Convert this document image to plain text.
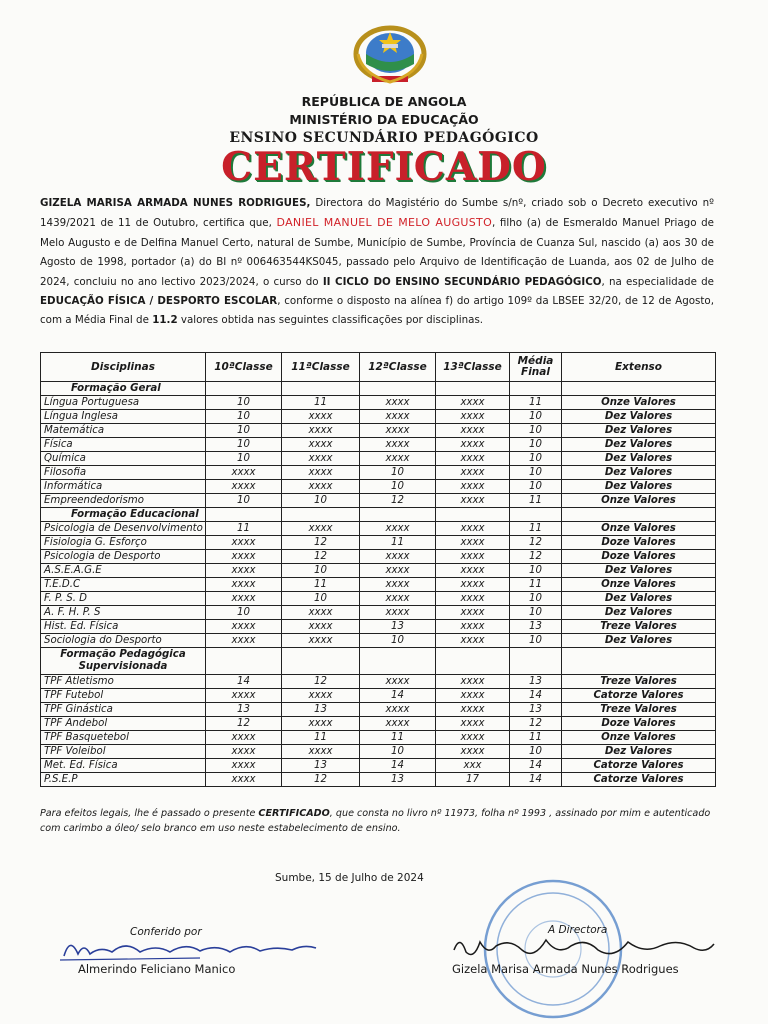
REPÚBLICA DE ANGOLA
MINISTÉRIO DA EDUCAÇÃO
ENSINO SECUNDÁRIO PEDAGÓGICO
CERTIFICADO
GIZELA MARISA ARMADA NUNES RODRIGUES, Directora do Magistério do Sumbe s/nº, criado sob o Decreto executivo nº 1439/2021 de 11 de Outubro, certifica que, DANIEL MANUEL DE MELO AUGUSTO, filho (a) de Esmeraldo Manuel Priago de Melo Augusto e de Delfina Manuel Certo, natural de Sumbe, Município de Sumbe, Província de Cuanza Sul, nascido (a) aos 30 de Agosto de 1998, portador (a) do BI nº 006463544KS045, passado pelo Arquivo de Identificação de Luanda, aos 02 de Julho de 2024, concluiu no ano lectivo 2023/2024, o curso do II CICLO DO ENSINO SECUNDÁRIO PEDAGÓGICO, na especialidade de EDUCAÇÃO FÍSICA / DESPORTO ESCOLAR, conforme o disposto na alínea f) do artigo 109º da LBSEE 32/20, de 12 de Agosto, com a Média Final de 11.2 valores obtida nas seguintes classificações por disciplinas.
Disciplinas	10ªClasse	11ªClasse	12ªClasse	13ªClasse	Média Final	Extenso
Formação Geral						
Língua Portuguesa	10	11	xxxx	xxxx	11	Onze Valores
Língua Inglesa	10	xxxx	xxxx	xxxx	10	Dez Valores
Matemática	10	xxxx	xxxx	xxxx	10	Dez Valores
Física	10	xxxx	xxxx	xxxx	10	Dez Valores
Química	10	xxxx	xxxx	xxxx	10	Dez Valores
Filosofia	xxxx	xxxx	10	xxxx	10	Dez Valores
Informática	xxxx	xxxx	10	xxxx	10	Dez Valores
Empreendedorismo	10	10	12	xxxx	11	Onze Valores
Formação Educacional						
Psicologia de Desenvolvimento	11	xxxx	xxxx	xxxx	11	Onze Valores
Fisiologia G. Esforço	xxxx	12	11	xxxx	12	Doze Valores
Psicologia de Desporto	xxxx	12	xxxx	xxxx	12	Doze Valores
A.S.E.A.G.E	xxxx	10	xxxx	xxxx	10	Dez Valores
T.E.D.C	xxxx	11	xxxx	xxxx	11	Onze Valores
F. P. S. D	xxxx	10	xxxx	xxxx	10	Dez Valores
A. F. H. P. S	10	xxxx	xxxx	xxxx	10	Dez Valores
Hist. Ed. Física	xxxx	xxxx	13	xxxx	13	Treze Valores
Sociologia do Desporto	xxxx	xxxx	10	xxxx	10	Dez Valores
Formação Pedagógica Supervisionada						
TPF Atletismo	14	12	xxxx	xxxx	13	Treze Valores
TPF Futebol	xxxx	xxxx	14	xxxx	14	Catorze Valores
TPF Ginástica	13	13	xxxx	xxxx	13	Treze Valores
TPF Andebol	12	xxxx	xxxx	xxxx	12	Doze Valores
TPF Basquetebol	xxxx	11	11	xxxx	11	Onze Valores
TPF Voleibol	xxxx	xxxx	10	xxxx	10	Dez Valores
Met. Ed. Física	xxxx	13	14	xxx	14	Catorze Valores
P.S.E.P	xxxx	12	13	17	14	Catorze Valores
Para efeitos legais, lhe é passado o presente CERTIFICADO, que consta no livro nº 11973, folha nº 1993 , assinado por mim e autenticado com carimbo a óleo/ selo branco em uso neste estabelecimento de ensino.
Sumbe, 15 de Julho de 2024
Conferido por
Almerindo Feliciano Manico
A Directora
Gizela Marisa Armada Nunes Rodrigues
